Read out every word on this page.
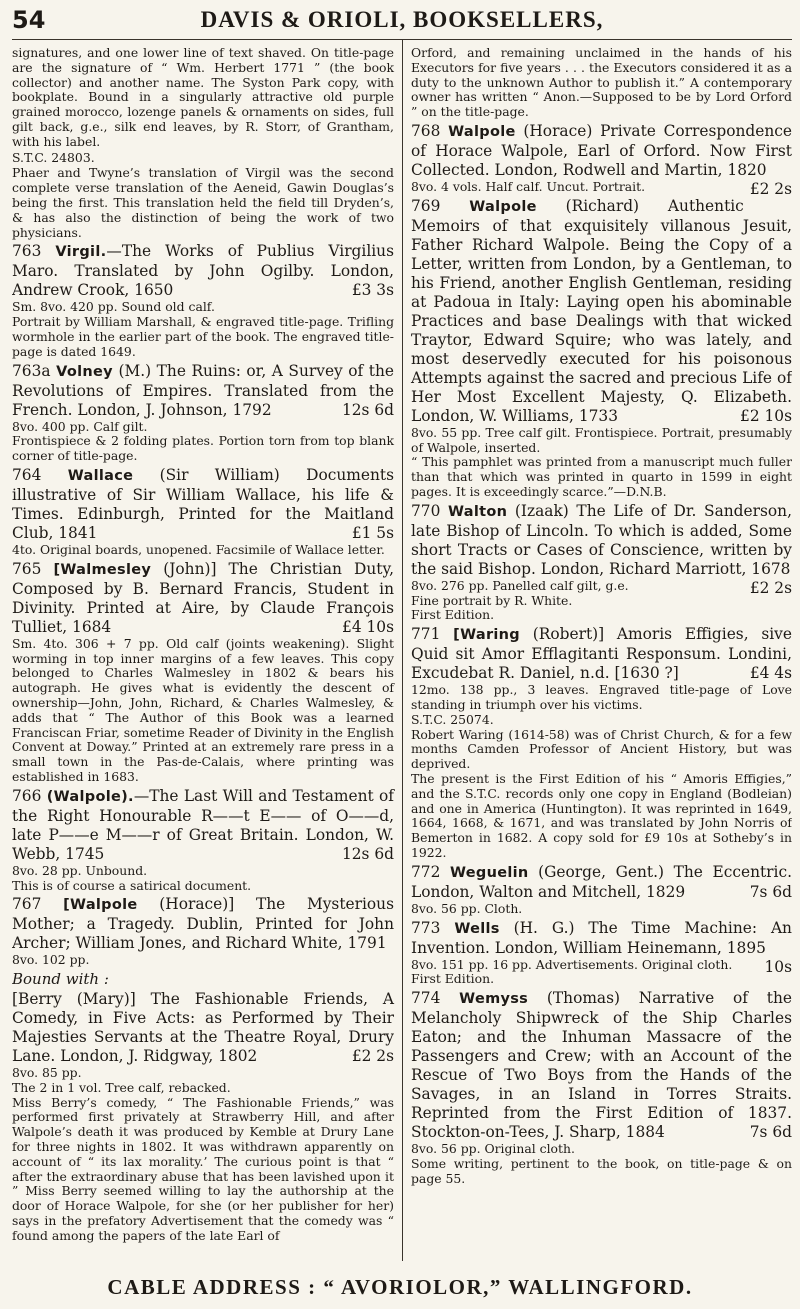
54	DAVIS & ORIOLI, BOOKSELLERS,

signatures, and one lower line of text shaved. On title-page are the signature of “ Wm. Herbert 1771 ” (the book collector) and another name. The Syston Park copy, with bookplate. Bound in a singularly attractive old purple grained morocco, lozenge panels & ornaments on sides, full gilt back, g.e., silk end leaves, by R. Storr, of Grantham, with his label.

S.T.C. 24803.

Phaer and Twyne’s translation of Virgil was the second complete verse translation of the Aeneid, Gawin Douglas’s being the first. This translation held the field till Dryden’s, & has also the distinction of being the work of two physicians.

763 Virgil.—The Works of Publius Virgilius Maro. Translated by John Ogilby. London, Andrew Crook, 1650	£3 3s

Sm. 8vo. 420 pp. Sound old calf.

Portrait by William Marshall, & engraved title-page. Trifling wormhole in the earlier part of the book. The engraved title-page is dated 1649.

763a Volney (M.) The Ruins: or, A Survey of the Revolutions of Empires. Translated from the French. London, J. Johnson, 1792	12s 6d

8vo. 400 pp. Calf gilt.

Frontispiece & 2 folding plates. Portion torn from top blank corner of title-page.

764 Wallace (Sir William) Documents illustrative of Sir William Wallace, his life & Times. Edinburgh, Printed for the Maitland Club, 1841	£1 5s

4to. Original boards, unopened. Facsimile of Wallace letter.

765 [Walmesley (John)] The Christian Duty, Composed by B. Bernard Francis, Student in Divinity. Printed at Aire, by Claude François Tulliet, 1684	£4 10s

Sm. 4to. 306 + 7 pp. Old calf (joints weakening). Slight worming in top inner margins of a few leaves. This copy belonged to Charles Walmesley in 1802 & bears his autograph. He gives what is evidently the descent of ownership—John, John, Richard, & Charles Walmesley, & adds that “ The Author of this Book was a learned Franciscan Friar, sometime Reader of Divinity in the English Convent at Doway.” Printed at an extremely rare press in a small town in the Pas-de-Calais, where printing was established in 1683.

766 (Walpole).—The Last Will and Testament of the Right Honourable R——t E—— of O——d, late P——e M——r of Great Britain. London, W. Webb, 1745	12s 6d

8vo. 28 pp. Unbound.

This is of course a satirical document.

767 [Walpole (Horace)] The Mysterious Mother; a Tragedy. Dublin, Printed for John Archer; William Jones, and Richard White, 1791

8vo. 102 pp.

Bound with :

[Berry (Mary)] The Fashionable Friends, A Comedy, in Five Acts: as Performed by Their Majesties Servants at the Theatre Royal, Drury Lane. London, J. Ridgway, 1802	£2 2s

8vo. 85 pp.

The 2 in 1 vol. Tree calf, rebacked.

Miss Berry’s comedy, “ The Fashionable Friends,” was performed first privately at Strawberry Hill, and after Walpole’s death it was produced by Kemble at Drury Lane for three nights in 1802. It was withdrawn apparently on account of “ its lax morality.’ The curious point is that “ after the extraordinary abuse that has been lavished upon it ” Miss Berry seemed willing to lay the authorship at the door of Horace Walpole, for she (or her publisher for her) says in the prefatory Advertisement that the comedy was “ found among the papers of the late Earl of

Orford, and remaining unclaimed in the hands of his Executors for five years . . . the Executors considered it as a duty to the unknown Author to publish it.” A contemporary owner has written “ Anon.—Supposed to be by Lord Orford ” on the title-page.

768 Walpole (Horace) Private Correspondence of Horace Walpole, Earl of Orford. Now First Collected. London, Rodwell and Martin, 1820
£2 2s

8vo. 4 vols. Half calf. Uncut. Portrait.

769 Walpole (Richard) Authentic Memoirs of that exquisitely villanous Jesuit, Father Richard Walpole. Being the Copy of a Letter, written from London, by a Gentleman, to his Friend, another English Gentleman, residing at Padoua in Italy: Laying open his abominable Practices and base Dealings with that wicked Traytor, Edward Squire; who was lately, and most deservedly executed for his poisonous Attempts against the sacred and precious Life of Her Most Excellent Majesty, Q. Elizabeth. London, W. Williams, 1733	£2 10s

8vo. 55 pp. Tree calf gilt. Frontispiece. Portrait, presumably of Walpole, inserted.

“ This pamphlet was printed from a manuscript much fuller than that which was printed in quarto in 1599 in eight pages. It is exceedingly scarce.”—D.N.B.

770 Walton (Izaak) The Life of Dr. Sanderson, late Bishop of Lincoln. To which is added, Some short Tracts or Cases of Conscience, written by the said Bishop. London, Richard Marriott, 1678
£2 2s

8vo. 276 pp. Panelled calf gilt, g.e.

Fine portrait by R. White.

First Edition.

771 [Waring (Robert)] Amoris Effigies, sive Quid sit Amor Efflagitanti Responsum. Londini, Excudebat R. Daniel, n.d. [1630 ?]	£4 4s

12mo. 138 pp., 3 leaves. Engraved title-page of Love standing in triumph over his victims.

S.T.C. 25074.

Robert Waring (1614-58) was of Christ Church, & for a few months Camden Professor of Ancient History, but was deprived.

The present is the First Edition of his “ Amoris Effigies,” and the S.T.C. records only one copy in England (Bodleian) and one in America (Huntington). It was reprinted in 1649, 1664, 1668, & 1671, and was translated by John Norris of Bemerton in 1682. A copy sold for £9 10s at Sotheby’s in 1922.

772 Weguelin (George, Gent.) The Eccentric. London, Walton and Mitchell, 1829	7s 6d

8vo. 56 pp. Cloth.

773 Wells (H. G.) The Time Machine: An Invention. London, William Heinemann, 1895
10s

8vo. 151 pp. 16 pp. Advertisements. Original cloth.

First Edition.

774 Wemyss (Thomas) Narrative of the Melancholy Shipwreck of the Ship Charles Eaton; and the Inhuman Massacre of the Passengers and Crew; with an Account of the Rescue of Two Boys from the Hands of the Savages, in an Island in Torres Straits. Reprinted from the First Edition of 1837. Stockton-on-Tees, J. Sharp, 1884	7s 6d

8vo. 56 pp. Original cloth.

Some writing, pertinent to the book, on title-page & on page 55.

CABLE ADDRESS : “ AVORIOLOR,” WALLINGFORD.
